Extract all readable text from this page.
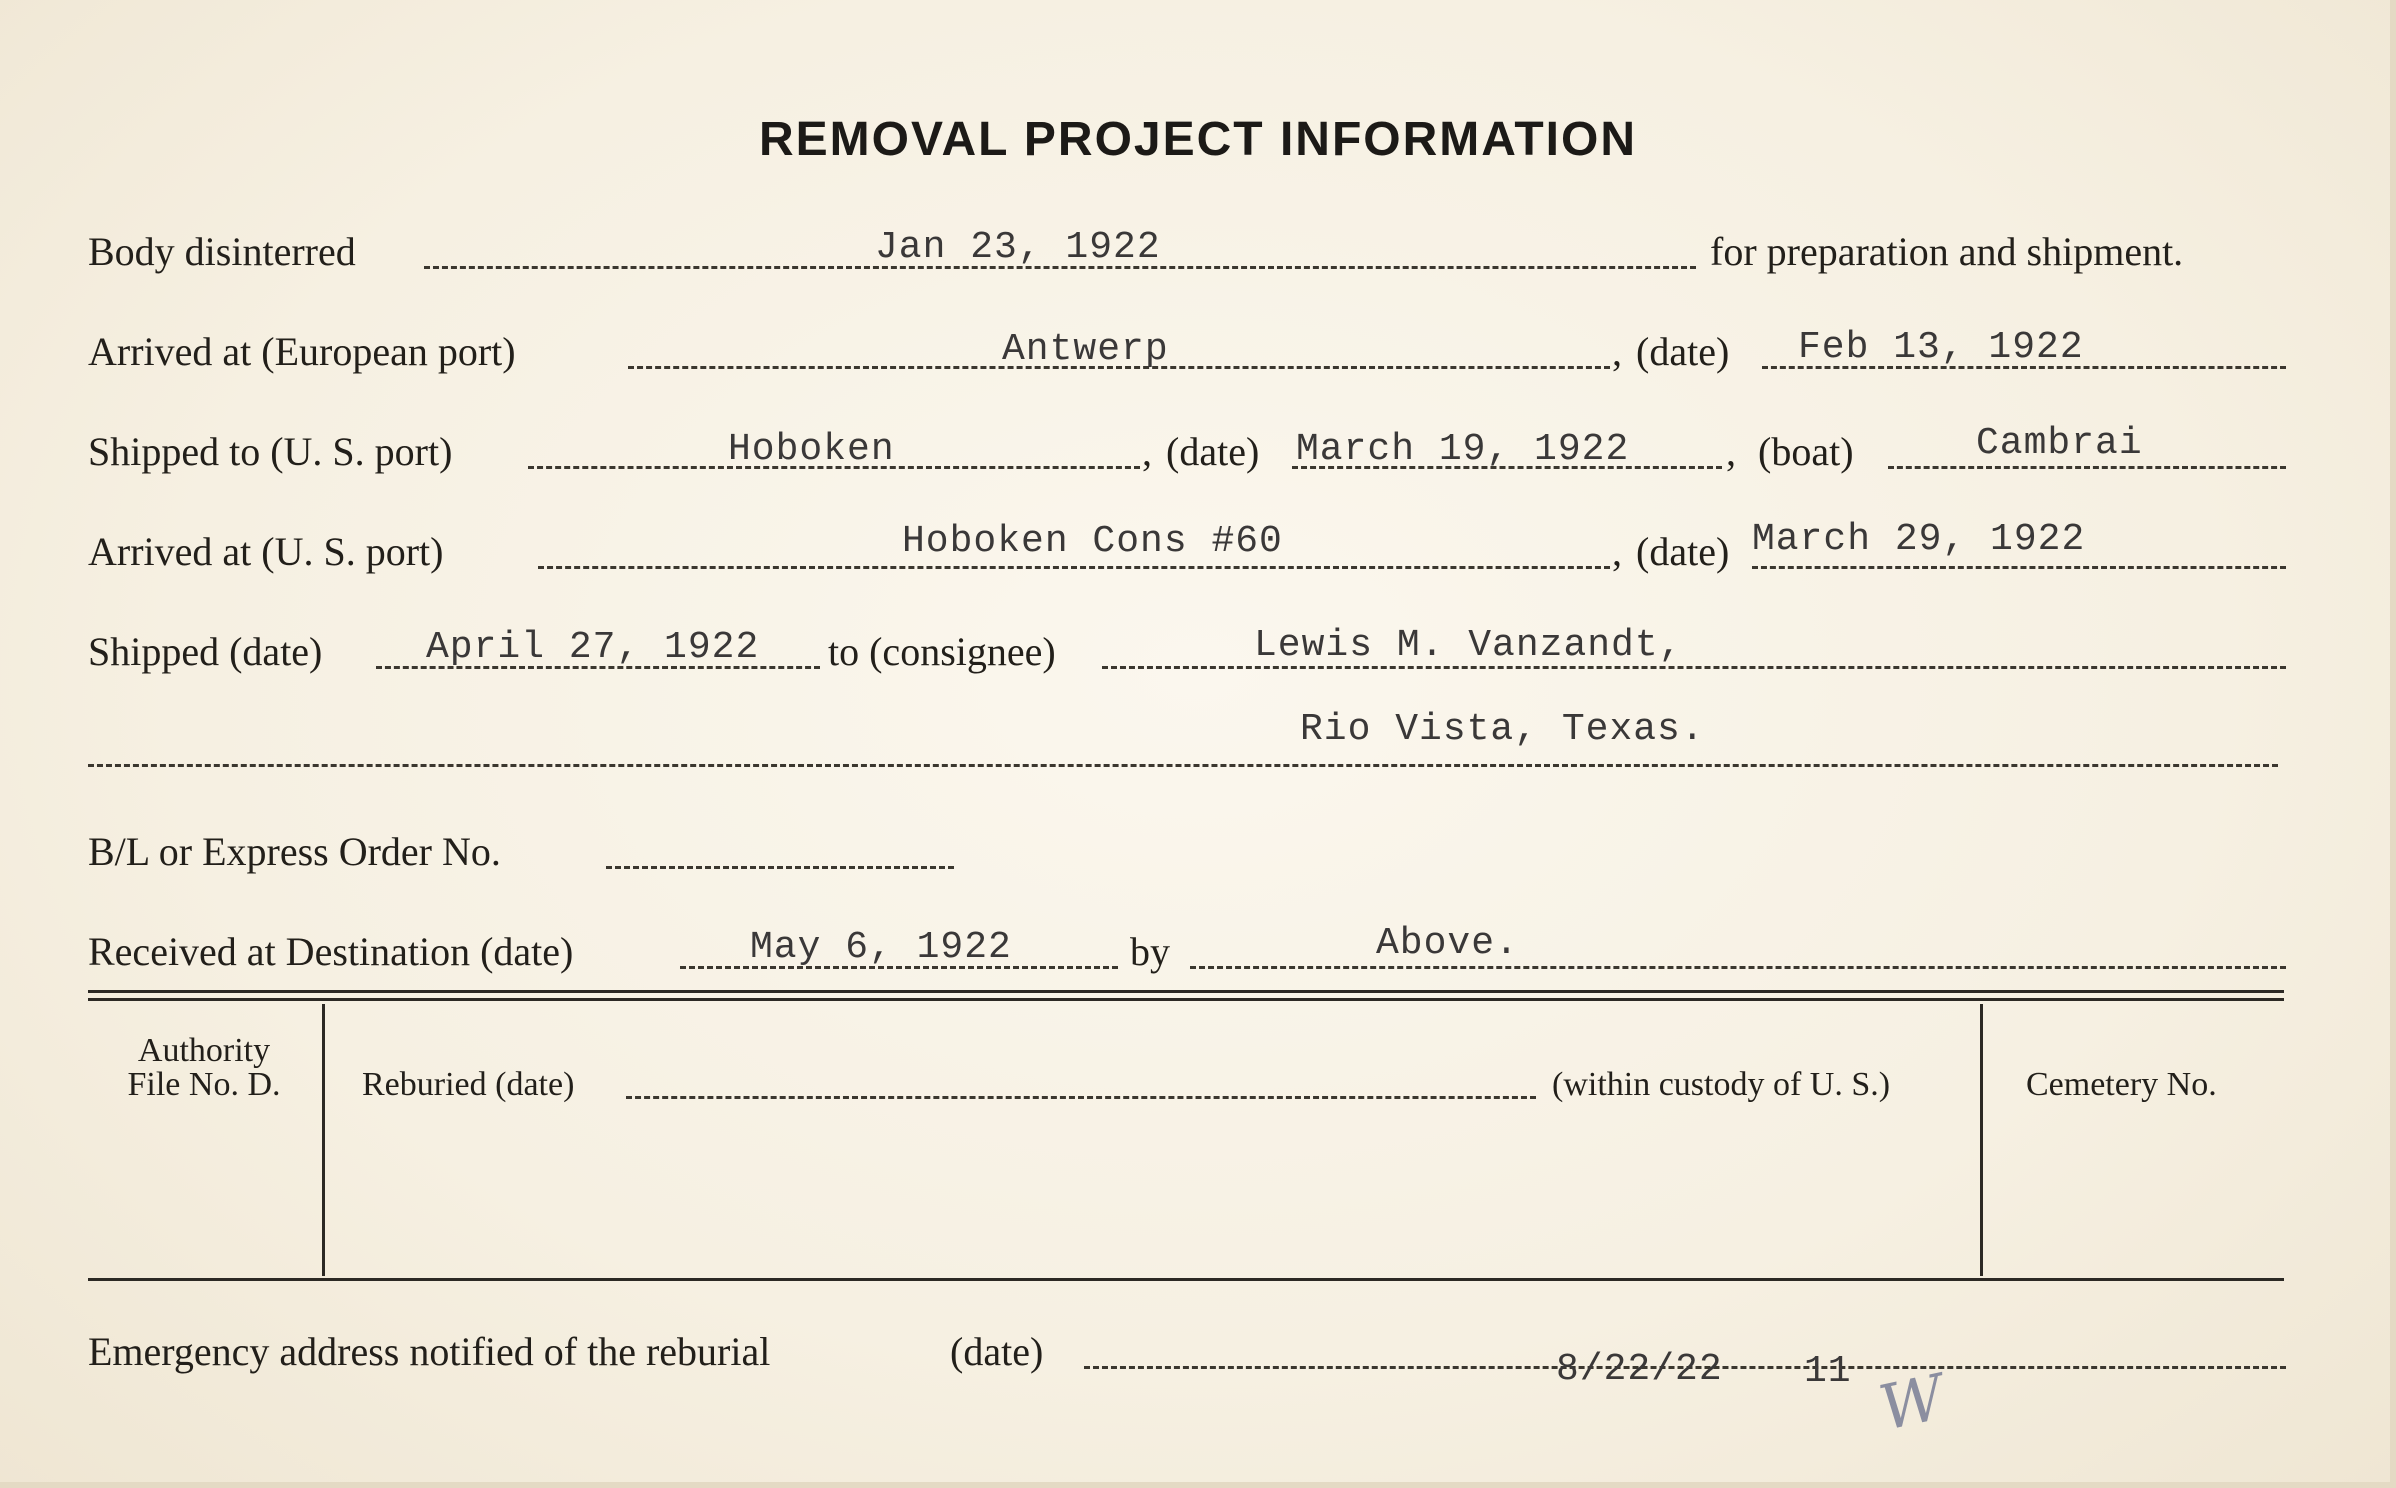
REMOVAL PROJECT INFORMATION
Body disinterred	Jan 23, 1922	for preparation and shipment.
Arrived at (European port)	Antwerp	, (date) Feb 13, 1922
Shipped to (U. S. port)	Hoboken	, (date) March 19, 1922 , (boat)	Cambrai
Arrived at (U. S. port)	Hoboken Cons #60	, (date) March 29, 1922
Shipped (date)	April 27, 1922 to (consignee)	Lewis M. Vanzandt,
Rio Vista, Texas.
B/L or Express Order No.
Received at Destination (date)	May 6, 1922	by	Above.
Authority
File No. D.	Reburied (date)	(within custody of U. S.)	Cemetery No.
Emergency address notified of the reburial	(date)	8/22/22 11 W
